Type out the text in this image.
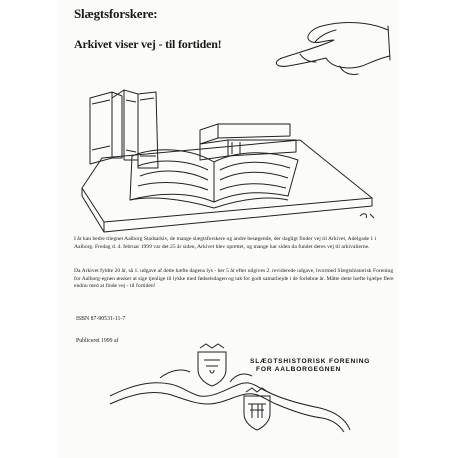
Slægtsforskere:
Arkivet viser vej - til fortiden!
I år kan bedre tilegnet Aalborg Stadsarkiv, de mange slægtsforskere og andre besøgende, der dagligt finder vej til Arkivet, Adelgade 1 i Aalborg. Fredag d. 4. februar 1999 var det 25 år siden, Arkivet blev oprettet, og mange har siden da fundet deres vej til arkivalierne.
Da Arkivet fyldte 20 år, så 1. udgave af dette hæfte dagens lys - her 5 år efter udgives 2. reviderede udgave, hvormed Slægtshistorisk Forening for Aalborg-egnen ønsker at sige tjenlige til lykke med fødselsdagen og tak for godt samarbejde i de forløbne år. Måtte dette hæfte hjælpe flere endnu med at finde vej - til fortiden!
ISBN 87-90531-11-7
Publiceret 1999 af
SLÆGTSHISTORISK FORENING
FOR AALBORGEGNEN
